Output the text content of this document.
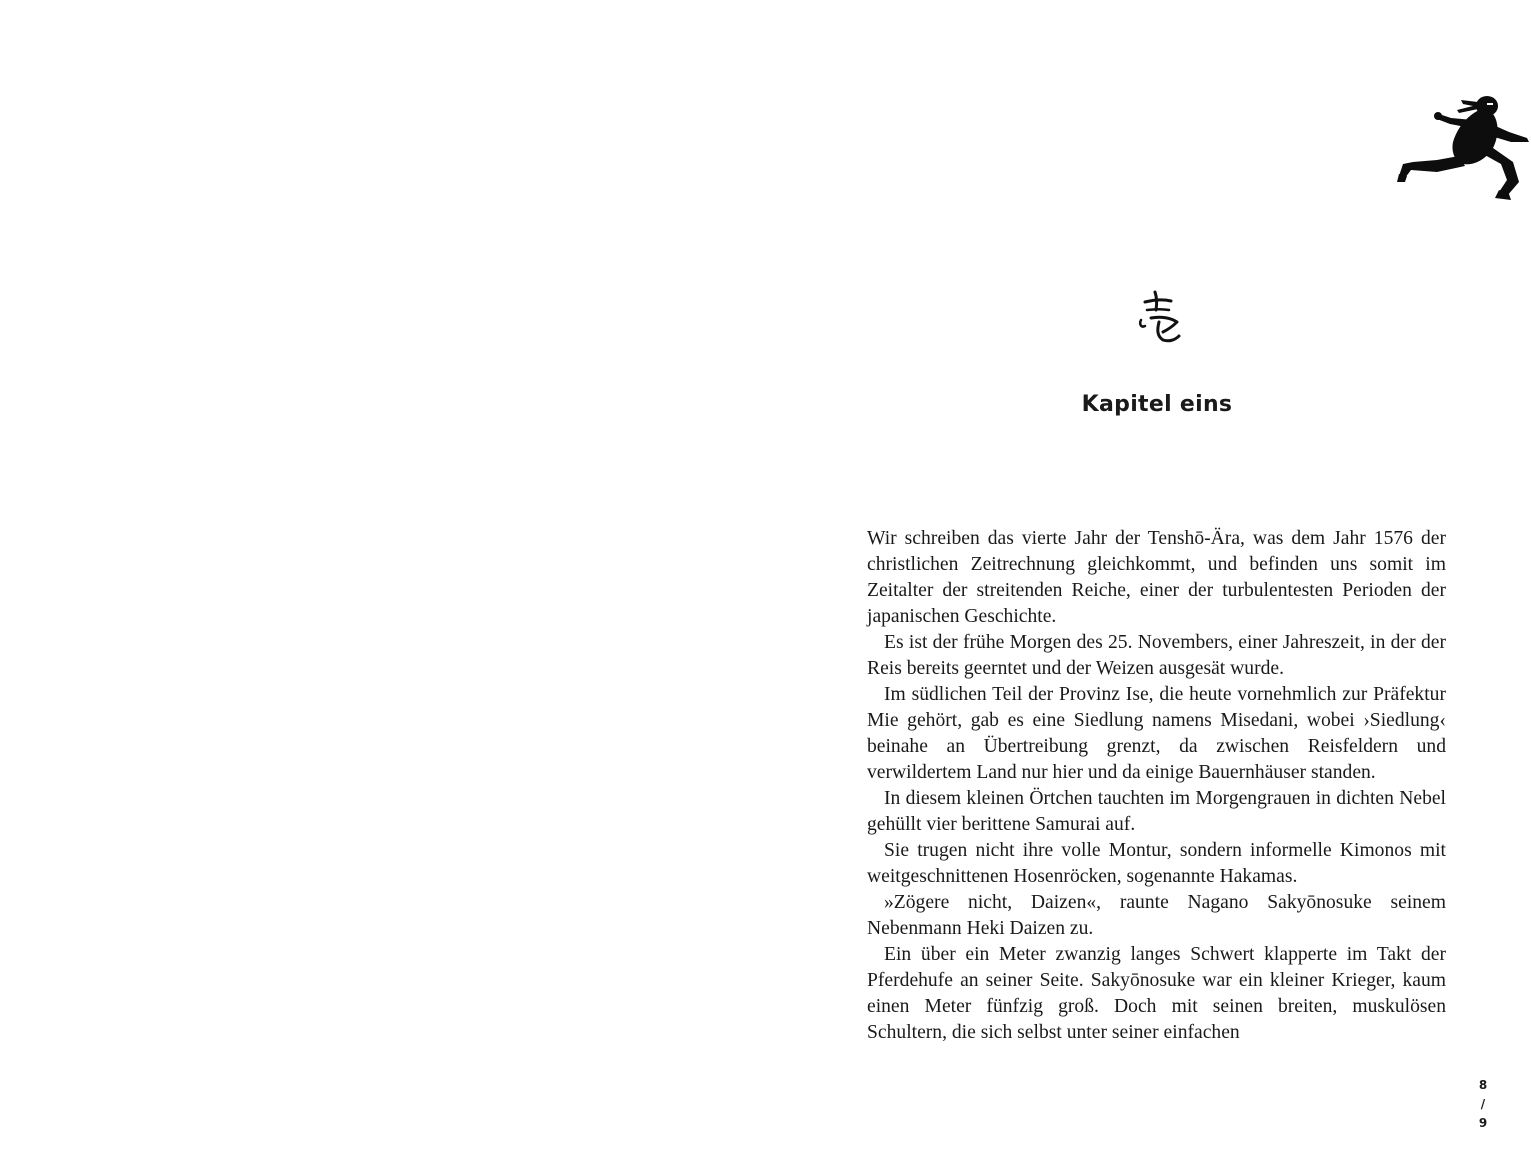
Kapitel eins

Wir schreiben das vierte Jahr der Tenshō-Ära, was dem Jahr 1576 der christlichen Zeitrechnung gleichkommt, und befinden uns somit im Zeitalter der streitenden Reiche, einer der turbulentesten Perioden der japanischen Geschichte.

Es ist der frühe Morgen des 25. Novembers, einer Jahreszeit, in der der Reis bereits geerntet und der Weizen ausgesät wurde.

Im südlichen Teil der Provinz Ise, die heute vornehmlich zur Präfektur Mie gehört, gab es eine Siedlung namens Misedani, wobei ›Siedlung‹ beinahe an Übertreibung grenzt, da zwischen Reisfeldern und verwildertem Land nur hier und da einige Bauernhäuser standen.

In diesem kleinen Örtchen tauchten im Morgengrauen in dichten Nebel gehüllt vier berittene Samurai auf.

Sie trugen nicht ihre volle Montur, sondern informelle Kimonos mit weitgeschnittenen Hosenröcken, sogenannte Hakamas.

»Zögere nicht, Daizen«, raunte Nagano Sakyōnosuke seinem Nebenmann Heki Daizen zu.

Ein über ein Meter zwanzig langes Schwert klapperte im Takt der Pferdehufe an seiner Seite. Sakyōnosuke war ein kleiner Krieger, kaum einen Meter fünfzig groß. Doch mit seinen breiten, muskulösen Schultern, die sich selbst unter seiner einfachen

8
/
9
